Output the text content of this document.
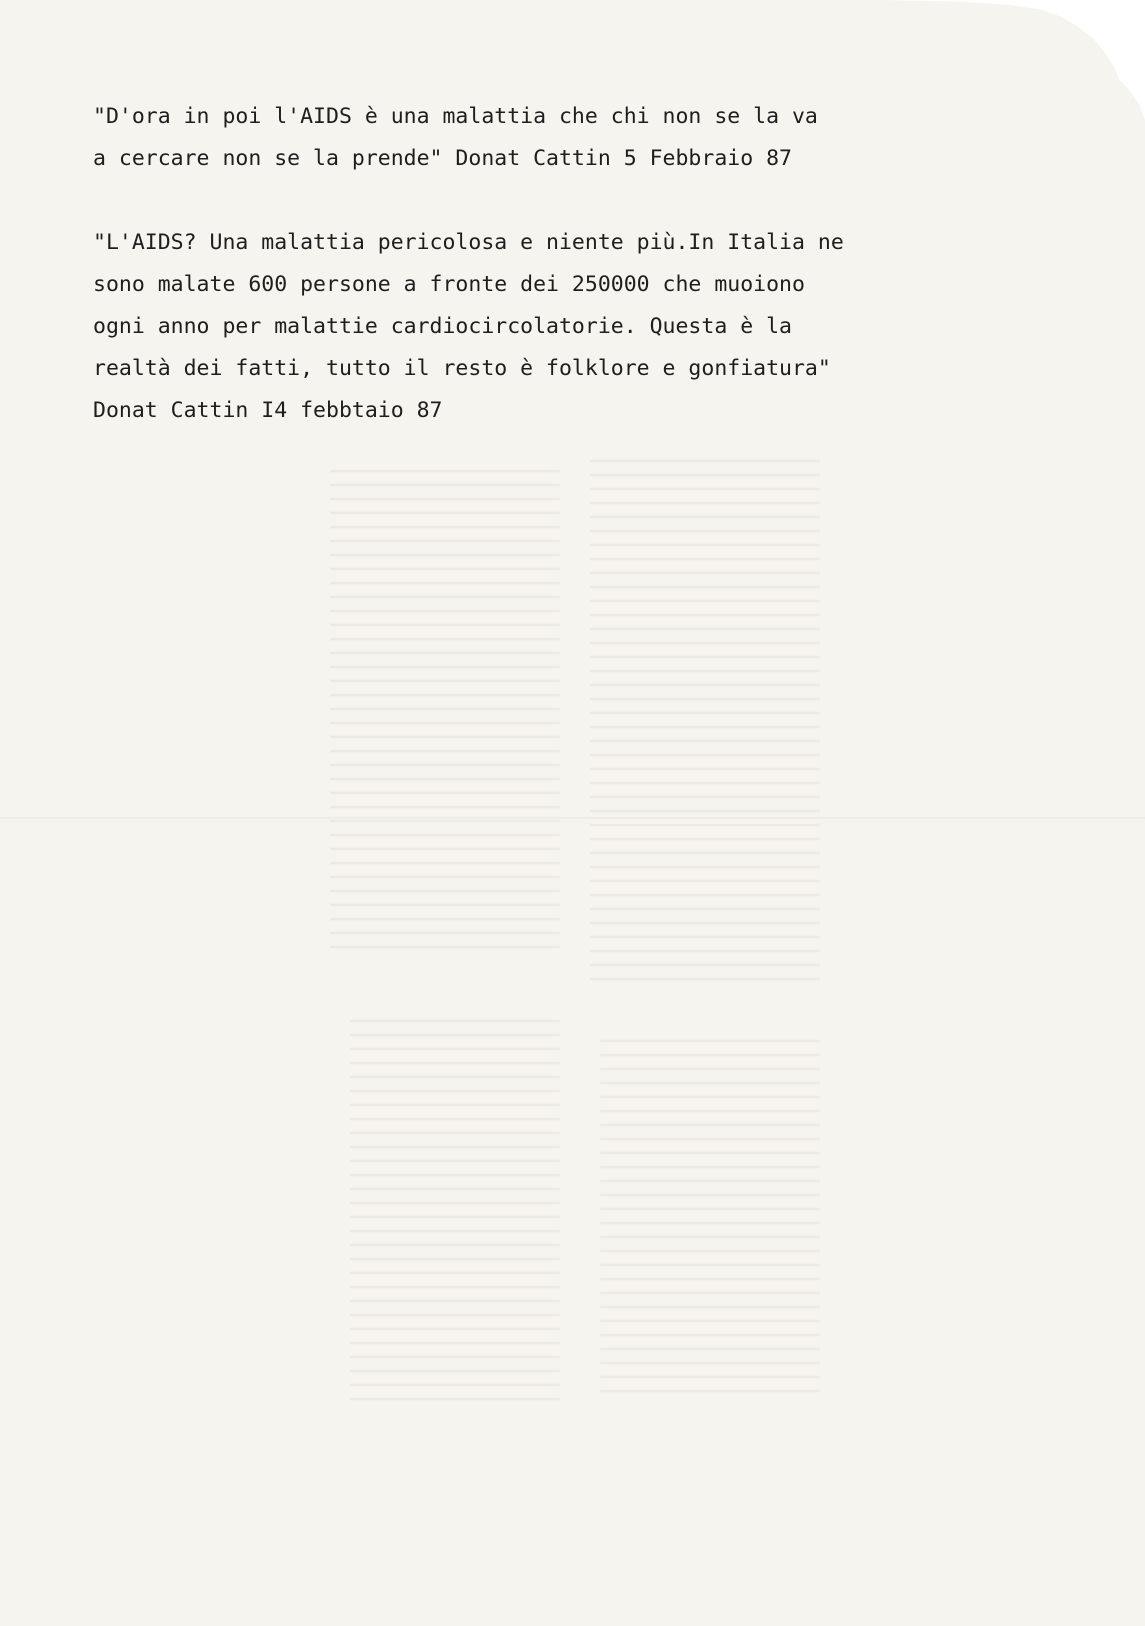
"D'ora in poi l'AIDS è una malattia che chi non se la va
a cercare non se la prende" Donat Cattin 5 Febbraio 87

"L'AIDS? Una malattia pericolosa e niente più.In Italia ne
sono malate 600 persone a fronte dei 250000 che muoiono
ogni anno per malattie cardiocircolatorie. Questa è la
realtà dei fatti, tutto il resto è folklore e gonfiatura"
Donat Cattin I4 febbtaio 87
